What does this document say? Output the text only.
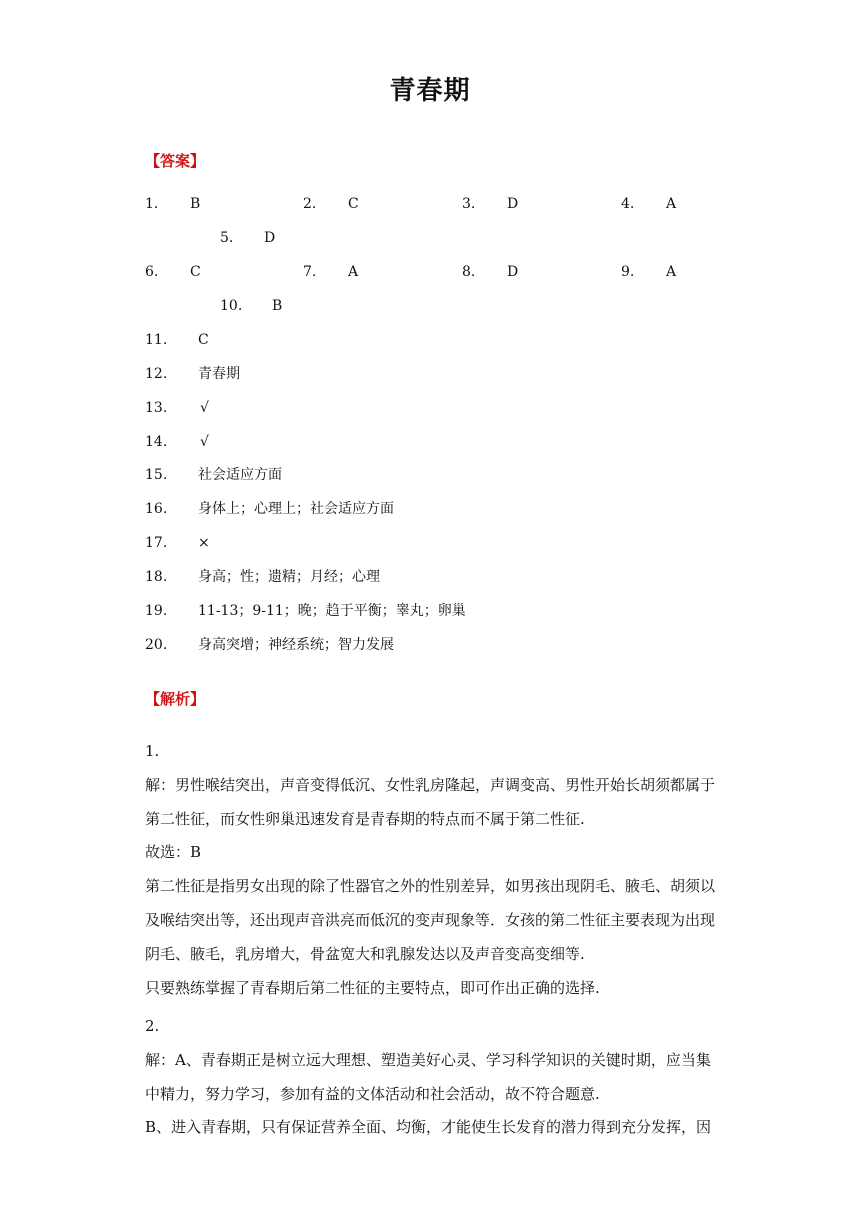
青春期
【答案】
1. B	2. C	3. D	4. A
5. D
6. C	7. A	8. D	9. A
10. B
11. C
12. 青春期
13. √
14. √
15. 社会适应方面
16. 身体上；心理上；社会适应方面
17. ×
18. 身高；性；遗精；月经；心理
19. 11-13；9-11；晚；趋于平衡；睾丸；卵巢
20. 身高突增；神经系统；智力发展
【解析】

1.

解：男性喉结突出，声音变得低沉、女性乳房隆起，声调变高、男性开始长胡须都属于

第二性征，而女性卵巢迅速发育是青春期的特点而不属于第二性征.

故选：B

第二性征是指男女出现的除了性器官之外的性别差异，如男孩出现阴毛、腋毛、胡须以

及喉结突出等，还出现声音洪亮而低沉的变声现象等．女孩的第二性征主要表现为出现

阴毛、腋毛，乳房增大，骨盆宽大和乳腺发达以及声音变高变细等.

只要熟练掌握了青春期后第二性征的主要特点，即可作出正确的选择.

2.

解：A、青春期正是树立远大理想、塑造美好心灵、学习科学知识的关键时期，应当集

中精力，努力学习，参加有益的文体活动和社会活动，故不符合题意.

B、进入青春期，只有保证营养全面、均衡，才能使生长发育的潜力得到充分发挥，因
